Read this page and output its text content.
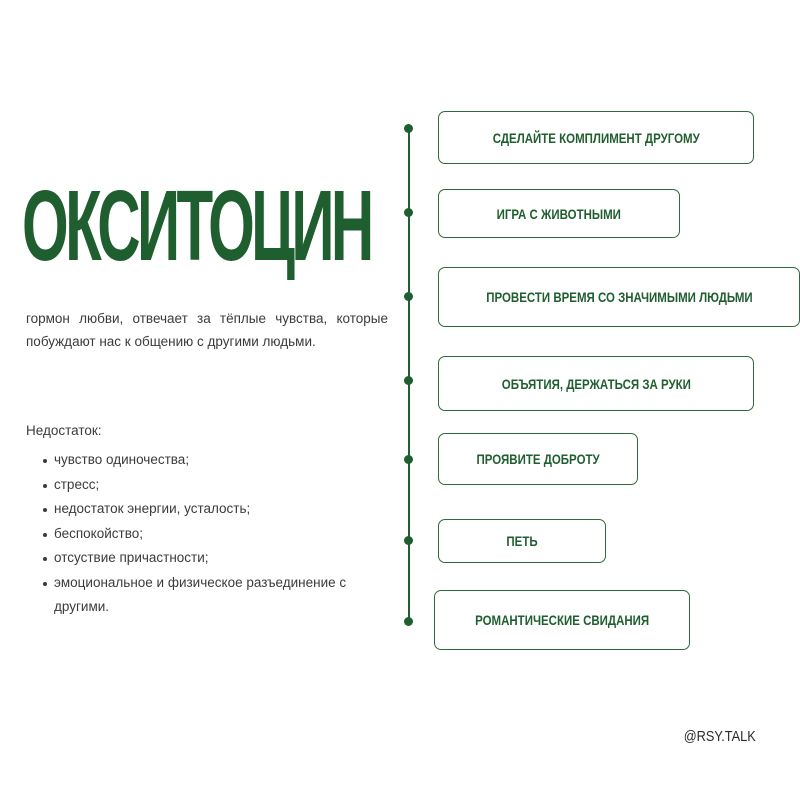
ОКСИТОЦИН

гормон любви, отвечает за тёплые чувства, которые побуждают нас к общению с другими людьми.

Недостаток:

чувство одиночества;
стресс;
недостаток энергии, усталость;
беспокойство;
отсуствие причастности;
эмоциональное и физическое разъединение с другими.
СДЕЛАЙТЕ КОМПЛИМЕНТ ДРУГОМУ
ИГРА С ЖИВОТНЫМИ
ПРОВЕСТИ ВРЕМЯ СО ЗНАЧИМЫМИ ЛЮДЬМИ
ОБЪЯТИЯ, ДЕРЖАТЬСЯ ЗА РУКИ
ПРОЯВИТЕ ДОБРОТУ
ПЕТЬ
РОМАНТИЧЕСКИЕ СВИДАНИЯ

@RSY.TALK
